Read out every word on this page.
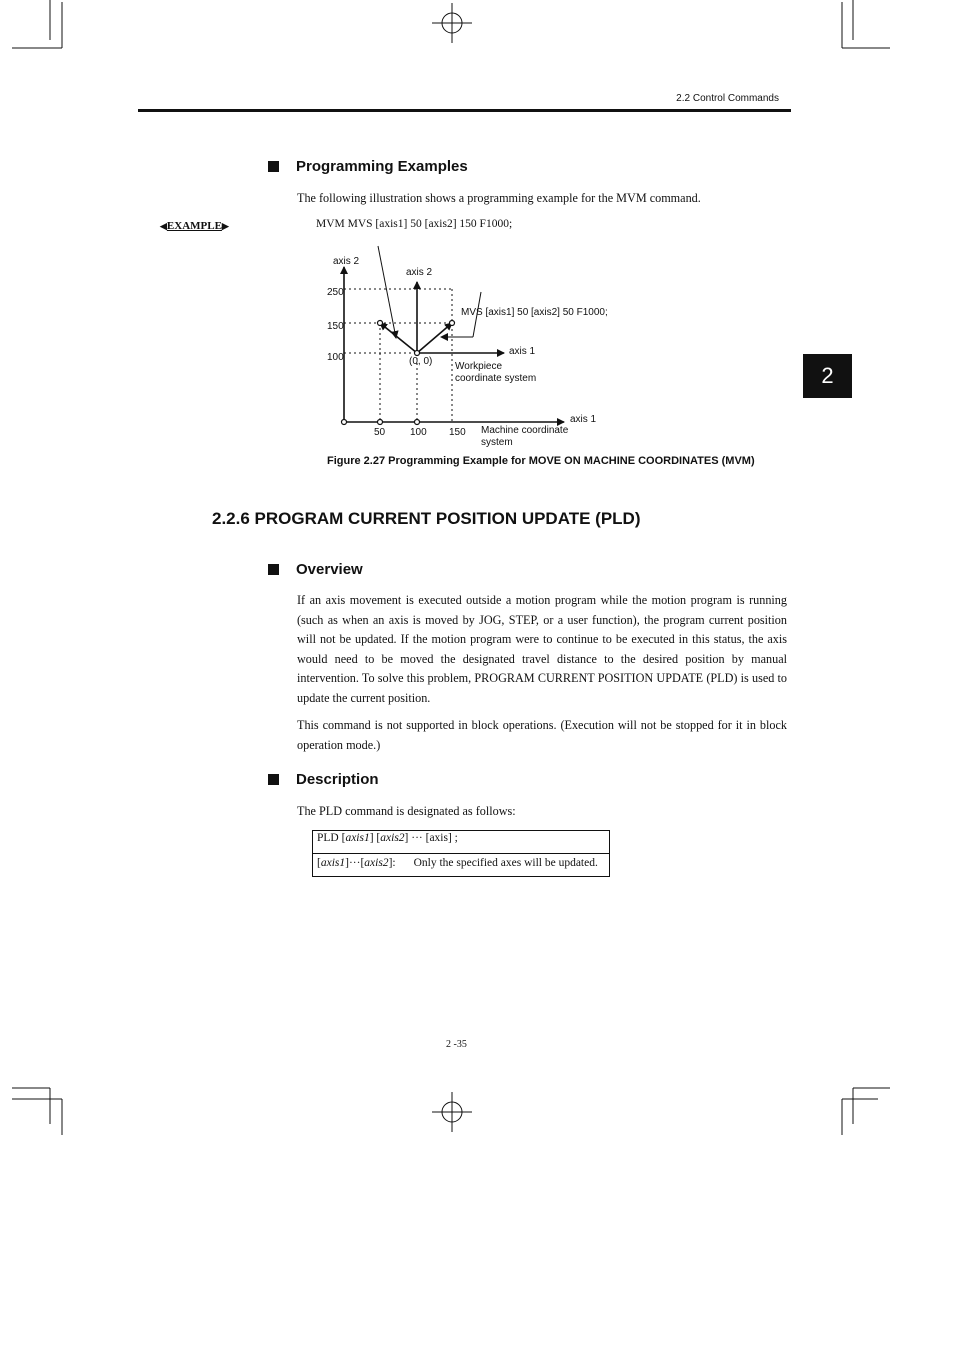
2.2 Control Commands
2
Programming Examples
The following illustration shows a programming example for the MVM command.
◀ EXAMPLE ▶	MVM MVS [axis1] 50 [axis2] 150 F1000;
axis 2
axis 2
250
150
100
MVS [axis1] 50 [axis2] 50 F1000;
axis 1
(0, 0) Workpiece
coordinate system
axis 1
50 100 150 Machine coordinate
system
Figure 2.27 Programming Example for MOVE ON MACHINE COORDINATES (MVM)
2.2.6 PROGRAM CURRENT POSITION UPDATE (PLD)
Overview
If an axis movement is executed outside a motion program while the motion program is running (such as when an axis is moved by JOG, STEP, or a user function), the program current position will not be updated. If the motion program were to continue to be executed in this status, the axis would need to be moved the designated travel distance to the desired position by manual intervention. To solve this problem, PROGRAM CURRENT POSITION UPDATE (PLD) is used to update the current position.
This command is not supported in block operations. (Execution will not be stopped for it in block operation mode.)
Description
The PLD command is designated as follows:
PLD [axis1] [axis2] ··· [axis] ;
[axis1]···[axis2]: Only the specified axes will be updated.
2 -35
